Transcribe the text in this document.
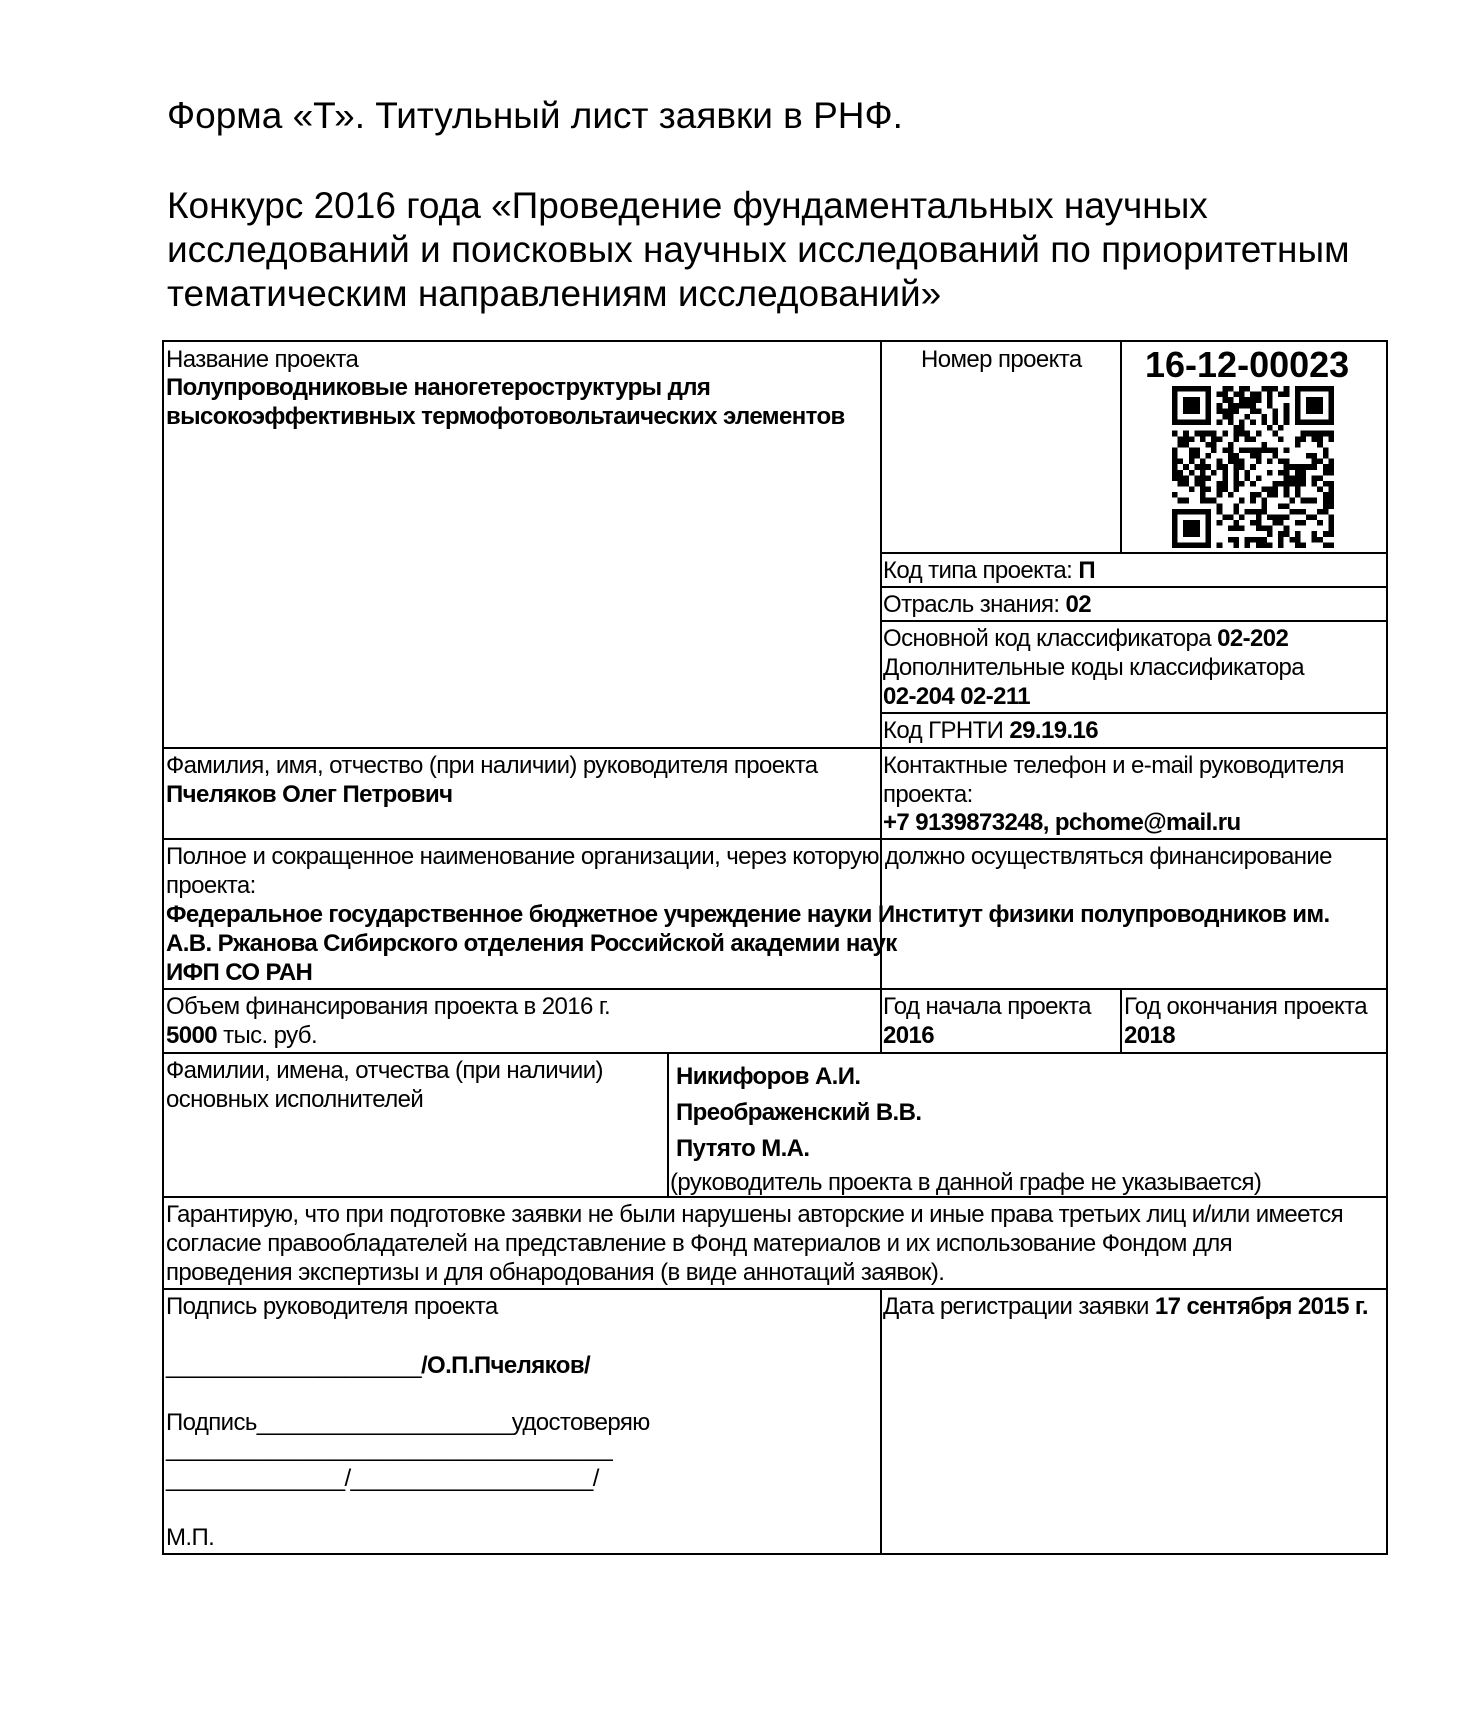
Форма «Т». Титульный лист заявки в РНФ.
Конкурс 2016 года «Проведение фундаментальных научных
исследований и поисковых научных исследований по приоритетным
тематическим направлениям исследований»
Название проекта
Полупроводниковые наногетероструктуры для
высокоэффективных термофотовольтаических элементов
Номер проекта 16-12-00023
Код типа проекта: П
Отрасль знания: 02
Основной код классификатора 02-202
Дополнительные коды классификатора
02-204 02-211
Код ГРНТИ 29.19.16
Фамилия, имя, отчество (при наличии) руководителя проекта
Пчеляков Олег Петрович
Контактные телефон и e-mail руководителя
проекта:
+7 9139873248, pchome@mail.ru
Полное и сокращенное наименование организации, через которую должно осуществляться финансирование
проекта:
Федеральное государственное бюджетное учреждение науки Институт физики полупроводников им.
А.В. Ржанова Сибирского отделения Российской академии наук
ИФП СО РАН
Объем финансирования проекта в 2016 г.
5000 тыс. руб.
Год начала проекта
2016
Год окончания проекта
2018
Фамилии, имена, отчества (при наличии)
основных исполнителей
Никифоров А.И.
Преображенский В.В.
Путято М.А.
(руководитель проекта в данной графе не указывается)
Гарантирую, что при подготовке заявки не были нарушены авторские и иные права третьих лиц и/или имеется
согласие правообладателей на представление в Фонд материалов и их использование Фондом для
проведения экспертизы и для обнародования (в виде аннотаций заявок).
Подпись руководителя проекта
____________________/О.П.Пчеляков/
Подпись____________________удостоверяю
___________________________________
______________/___________________/
М.П.
Дата регистрации заявки 17 сентября 2015 г.
